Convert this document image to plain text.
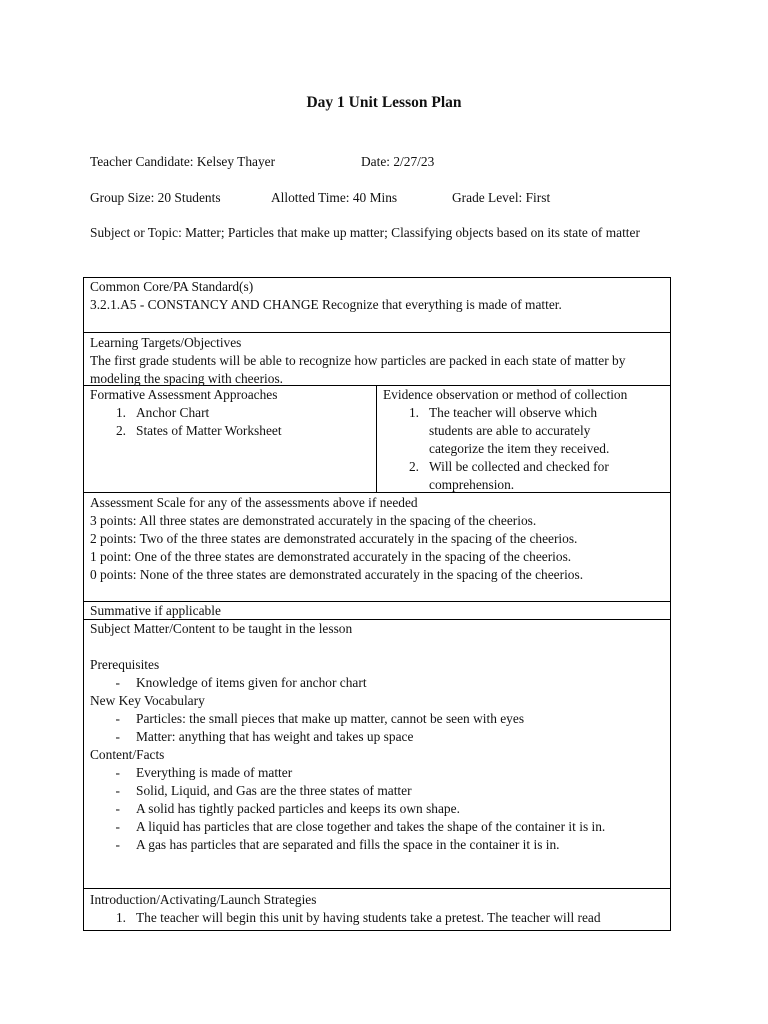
Day 1 Unit Lesson Plan
Teacher Candidate: Kelsey Thayer	Date: 2/27/23
Group Size: 20 Students	Allotted Time: 40 Mins	Grade Level: First
Subject or Topic: Matter; Particles that make up matter; Classifying objects based on its state of matter
Common Core/PA Standard(s)
3.2.1.A5 - CONSTANCY AND CHANGE Recognize that everything is made of matter.
Learning Targets/Objectives
The first grade students will be able to recognize how particles are packed in each state of matter by modeling the spacing with cheerios.
Formative Assessment Approaches
1. Anchor Chart
2. States of Matter Worksheet
Evidence observation or method of collection
1. The teacher will observe which students are able to accurately categorize the item they received.
2. Will be collected and checked for comprehension.
Assessment Scale for any of the assessments above if needed
3 points: All three states are demonstrated accurately in the spacing of the cheerios.
2 points: Two of the three states are demonstrated accurately in the spacing of the cheerios.
1 point: One of the three states are demonstrated accurately in the spacing of the cheerios.
0 points: None of the three states are demonstrated accurately in the spacing of the cheerios.
Summative if applicable
Subject Matter/Content to be taught in the lesson
Prerequisites
-	Knowledge of items given for anchor chart
New Key Vocabulary
-	Particles: the small pieces that make up matter, cannot be seen with eyes
-	Matter: anything that has weight and takes up space
Content/Facts
-	Everything is made of matter
-	Solid, Liquid, and Gas are the three states of matter
-	A solid has tightly packed particles and keeps its own shape.
-	A liquid has particles that are close together and takes the shape of the container it is in.
-	A gas has particles that are separated and fills the space in the container it is in.
Introduction/Activating/Launch Strategies
1. The teacher will begin this unit by having students take a pretest. The teacher will read
